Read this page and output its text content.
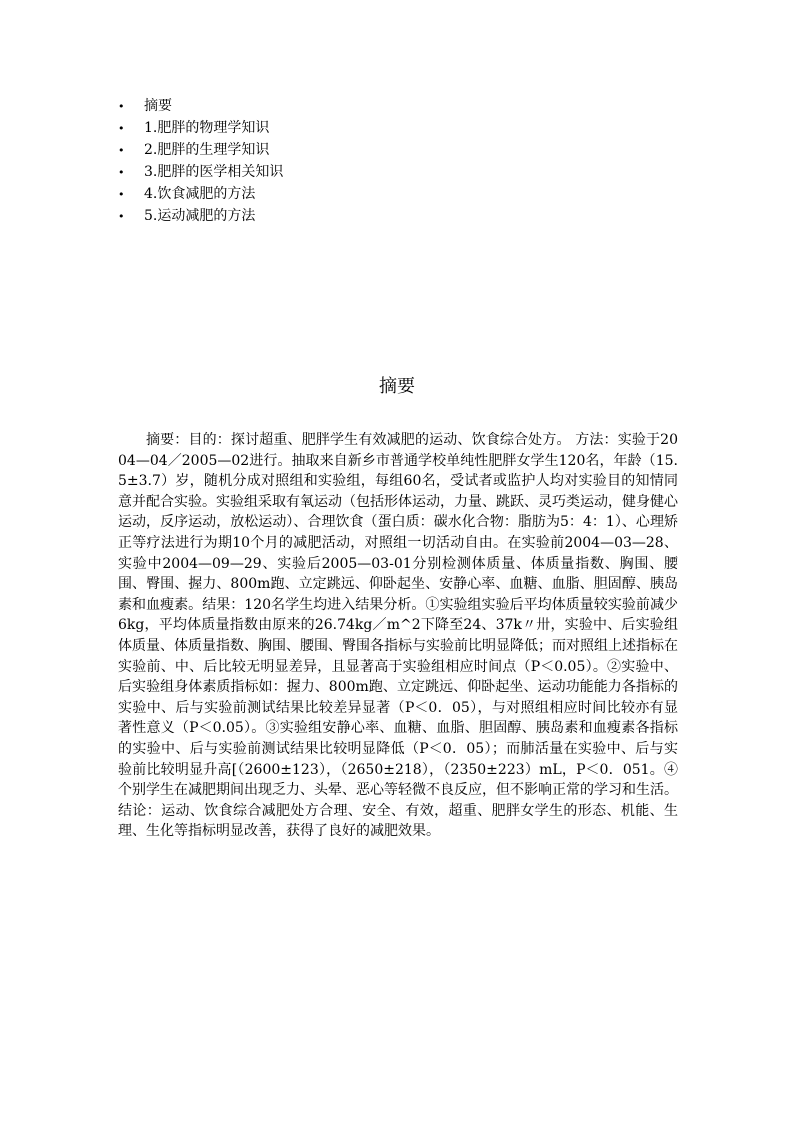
• 摘要
• 1.肥胖的物理学知识
• 2.肥胖的生理学知识
• 3.肥胖的医学相关知识
• 4.饮食减肥的方法
• 5.运动减肥的方法
摘要

摘要：目的：探讨超重、肥胖学生有效减肥的运动、饮食综合处方。 方法：实验于2004—04／2005—02进行。抽取来自新乡市普通学校单纯性肥胖女学生120名，年龄（15.5±3.7）岁，随机分成对照组和实验组，每组60名，受试者或监护人均对实验目的知情同意并配合实验。实验组采取有氧运动（包括形体运动，力量、跳跃、灵巧类运动，健身健心运动，反序运动，放松运动）、合理饮食（蛋白质：碳水化合物：脂肪为5：4：1）、心理矫正等疗法进行为期10个月的减肥活动，对照组一切活动自由。在实验前2004—03—28、实验中2004—09—29、实验后2005—03-01分别检测体质量、体质量指数、胸围、腰围、臀围、握力、800m跑、立定跳远、仰卧起坐、安静心率、血糖、血脂、胆固醇、胰岛素和血瘦素。结果：120名学生均进入结果分析。①实验组实验后平均体质量较实验前减少6kg，平均体质量指数由原来的26.74kg／m^2下降至24、37k〃卅，实验中、后实验组体质量、体质量指数、胸围、腰围、臀围各指标与实验前比明显降低；而对照组上述指标在实验前、中、后比较无明显差异，且显著高于实验组相应时间点（P＜0.05）。②实验中、后实验组身体素质指标如：握力、800m跑、立定跳远、仰卧起坐、运动功能能力各指标的实验中、后与实验前测试结果比较差异显著（P＜0．05），与对照组相应时间比较亦有显著性意义（P＜0.05）。③实验组安静心率、血糖、血脂、胆固醇、胰岛素和血瘦素各指标的实验中、后与实验前测试结果比较明显降低（P＜0．05）；而肺活量在实验中、后与实验前比较明显升高[（2600±123），（2650±218），（2350±223）mL，P＜0．051。④个别学生在减肥期间出现乏力、头晕、恶心等轻微不良反应，但不影响正常的学习和生活。 结论：运动、饮食综合减肥处方合理、安全、有效，超重、肥胖女学生的形态、机能、生理、生化等指标明显改善，获得了良好的减肥效果。
